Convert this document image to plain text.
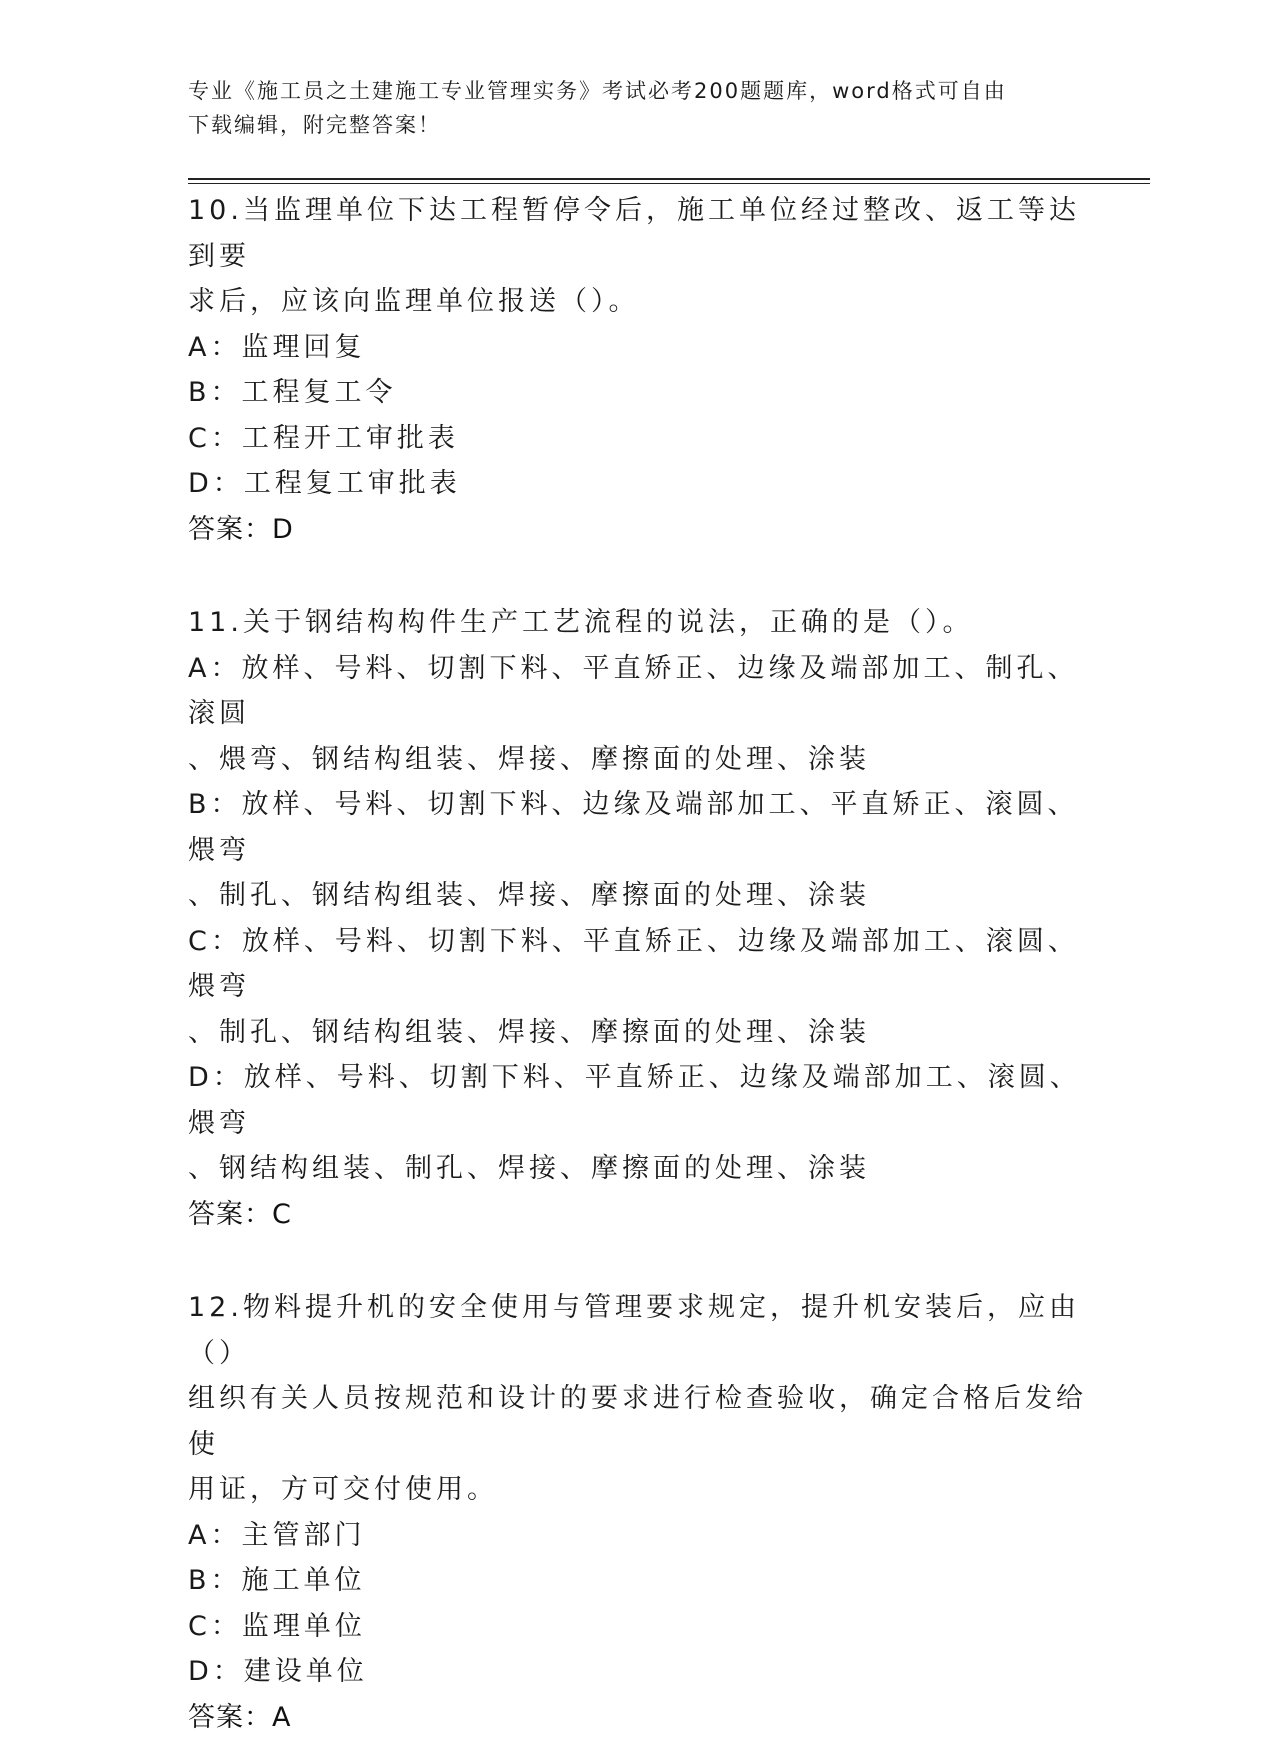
专业《施工员之土建施工专业管理实务》考试必考200题题库，word格式可自由
下载编辑，附完整答案！
10.当监理单位下达工程暂停令后，施工单位经过整改、返工等达到要
求后，应该向监理单位报送（）。
A：监理回复
B：工程复工令
C：工程开工审批表
D：工程复工审批表
答案：D
11.关于钢结构构件生产工艺流程的说法，正确的是（）。
A：放样、号料、切割下料、平直矫正、边缘及端部加工、制孔、滚圆
、煨弯、钢结构组装、焊接、摩擦面的处理、涂装
B：放样、号料、切割下料、边缘及端部加工、平直矫正、滚圆、煨弯
、制孔、钢结构组装、焊接、摩擦面的处理、涂装
C：放样、号料、切割下料、平直矫正、边缘及端部加工、滚圆、煨弯
、制孔、钢结构组装、焊接、摩擦面的处理、涂装
D：放样、号料、切割下料、平直矫正、边缘及端部加工、滚圆、煨弯
、钢结构组装、制孔、焊接、摩擦面的处理、涂装
答案：C
12.物料提升机的安全使用与管理要求规定，提升机安装后，应由（）
组织有关人员按规范和设计的要求进行检查验收，确定合格后发给使
用证，方可交付使用。
A：主管部门
B：施工单位
C：监理单位
D：建设单位
答案：A
